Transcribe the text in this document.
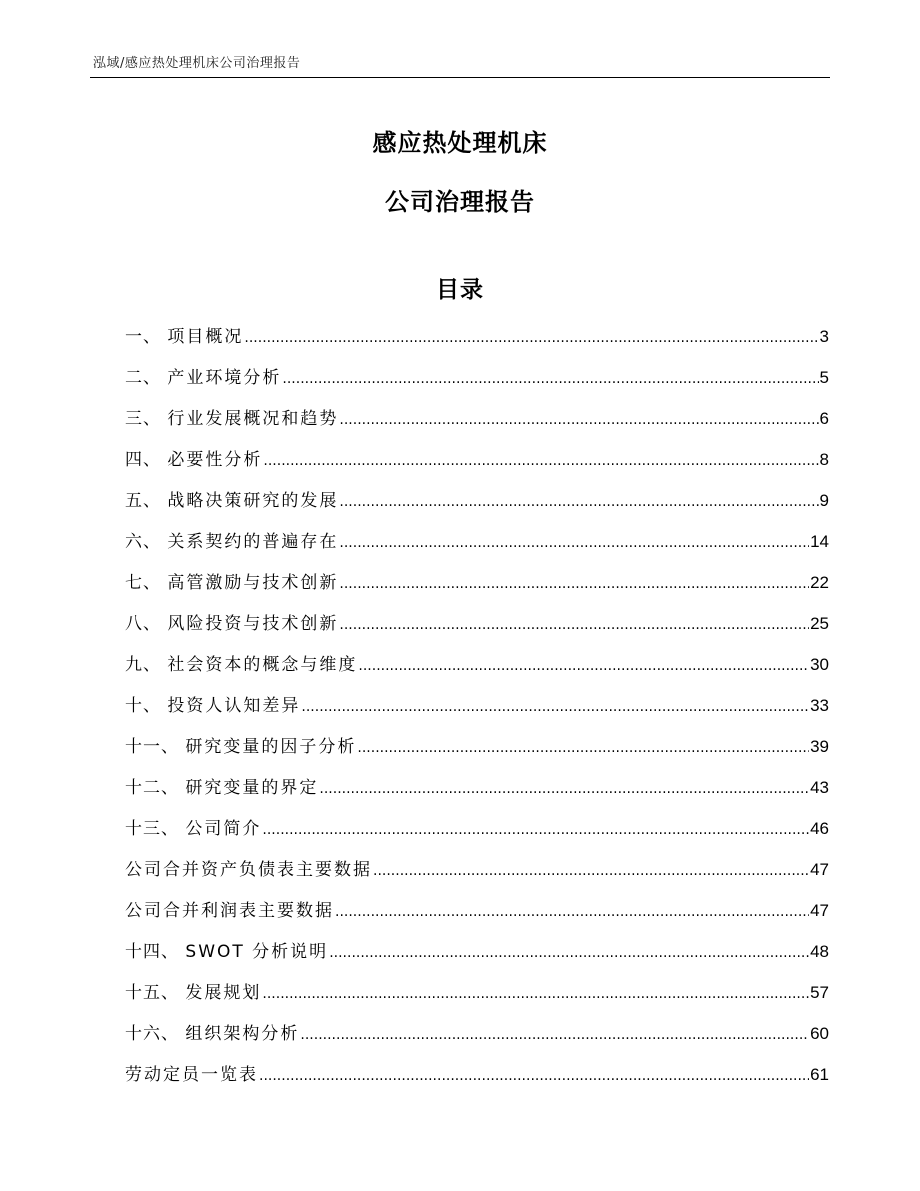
泓域/感应热处理机床公司治理报告
感应热处理机床
公司治理报告
目录
一、 项目概况 .....	3
二、 产业环境分析 .....	5
三、 行业发展概况和趋势 .....	6
四、 必要性分析 .....	8
五、 战略决策研究的发展 .....	9
六、 关系契约的普遍存在 .....	14
七、 高管激励与技术创新 .....	22
八、 风险投资与技术创新 .....	25
九、 社会资本的概念与维度 .....	30
十、 投资人认知差异 .....	33
十一、 研究变量的因子分析 .....	39
十二、 研究变量的界定 .....	43
十三、 公司简介 .....	46
公司合并资产负债表主要数据 .....	47
公司合并利润表主要数据 .....	47
十四、 SWOT 分析说明 .....	48
十五、 发展规划 .....	57
十六、 组织架构分析 .....	60
劳动定员一览表 .....	61
